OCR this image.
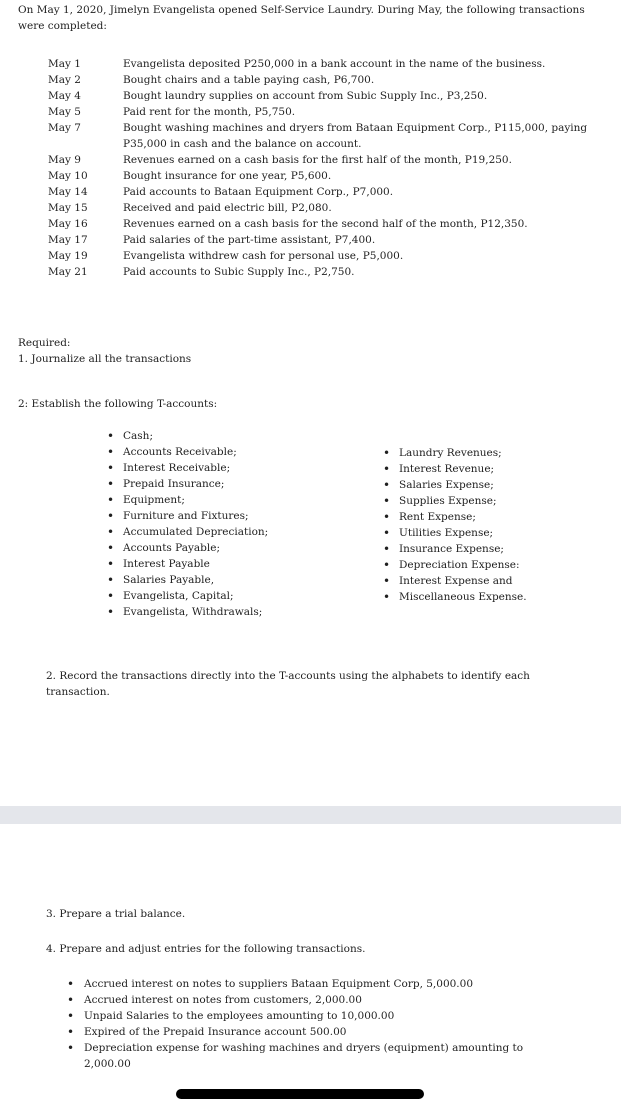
On May 1, 2020, Jimelyn Evangelista opened Self-Service Laundry. During May, the following transactions were completed:
May 1	Evangelista deposited P250,000 in a bank account in the name of the business.
May 2	Bought chairs and a table paying cash, P6,700.
May 4	Bought laundry supplies on account from Subic Supply Inc., P3,250.
May 5	Paid rent for the month, P5,750.
May 7	Bought washing machines and dryers from Bataan Equipment Corp., P115,000, paying P35,000 in cash and the balance on account.
May 9	Revenues earned on a cash basis for the first half of the month, P19,250.
May 10	Bought insurance for one year, P5,600.
May 14	Paid accounts to Bataan Equipment Corp., P7,000.
May 15	Received and paid electric bill, P2,080.
May 16	Revenues earned on a cash basis for the second half of the month, P12,350.
May 17	Paid salaries of the part-time assistant, P7,400.
May 19	Evangelista withdrew cash for personal use, P5,000.
May 21	Paid accounts to Subic Supply Inc., P2,750.
Required:
1. Journalize all the transactions
2: Establish the following T-accounts:
• Cash;
• Accounts Receivable;
• Interest Receivable;
• Prepaid Insurance;
• Equipment;
• Furniture and Fixtures;
• Accumulated Depreciation;
• Accounts Payable;
• Interest Payable
• Salaries Payable,
• Evangelista, Capital;
• Evangelista, Withdrawals;
• Laundry Revenues;
• Interest Revenue;
• Salaries Expense;
• Supplies Expense;
• Rent Expense;
• Utilities Expense;
• Insurance Expense;
• Depreciation Expense:
• Interest Expense and
• Miscellaneous Expense.
2. Record the transactions directly into the T-accounts using the alphabets to identify each transaction.
3. Prepare a trial balance.
4. Prepare and adjust entries for the following transactions.
• Accrued interest on notes to suppliers Bataan Equipment Corp, 5,000.00
• Accrued interest on notes from customers, 2,000.00
• Unpaid Salaries to the employees amounting to 10,000.00
• Expired of the Prepaid Insurance account 500.00
• Depreciation expense for washing machines and dryers (equipment) amounting to 2,000.00
